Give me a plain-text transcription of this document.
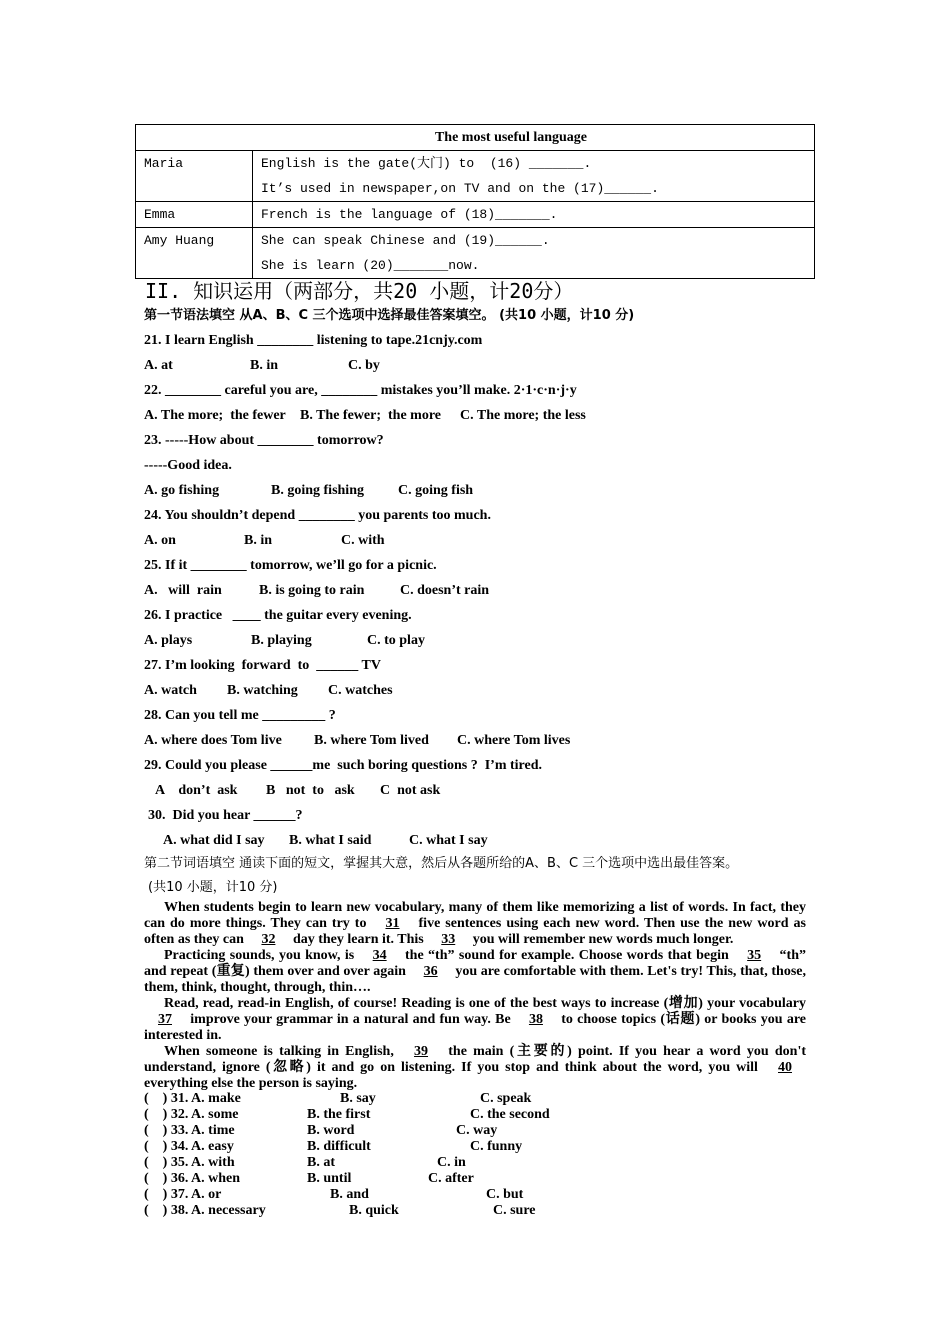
The most useful language	
Maria	English is the gate(大门) to  (16) _______.
It’s used in newspaper,on TV and on the (17)______.

Emma	French is the language of (18)_______.

Amy Huang	She can speak Chinese and (19)______.
She is learn (20)_______now.
II. 知识运用（两部分，共20 小题，计20分）
第一节语法填空 从A、B、C 三个选项中选择最佳答案填空。 (共10 小题，计10 分)
21. I learn English ________ listening to tape.21cnjy.com
A. at	B. in	C. by
22. ________ careful you are, ________ mistakes you’ll make. 2·1·c·n·j·y
A. The more;  the fewer B. The fewer;  the more C. The more; the less
23. -----How about ________ tomorrow?
-----Good idea.
A. go fishing	B. going fishing C. going fish
24. You shouldn’t depend ________ you parents too much.
A. on	B. in	C. with
25. If it ________ tomorrow, we’ll go for a picnic.
A.   will  rain	B. is going to rain	C. doesn’t rain
26. I practice   ____ the guitar every evening.
A. plays	B. playing	C. to play
27. I’m looking  forward  to  ______ TV
A. watch B. watching C. watches
28. Can you tell me _________ ?
A. where does Tom live B. where Tom lived C. where Tom lives
29. Could you please ______me  such boring questions ?  I’m tired.
A    don’t  ask B   not  to   ask C  not ask
30.  Did you hear ______?
A. what did I say B. what I said	C. what I say
第二节词语填空 通读下面的短文，掌握其大意，然后从各题所给的A、B、C 三个选项中选出最佳答案。
(共10 小题，计10 分)

When students begin to learn new vocabulary, many of them like memorizing a list of words. In fact, they can do more things. They can try to 31 five sentences using each new word. Then use the new word as often as they can 32 day they learn it. This 33 you will remember new words much longer.

Practicing sounds, you know, is 34 the “th” sound for example. Choose words that begin 35 “th” and repeat (重复) them over and over again 36 you are comfortable with them. Let's try! This, that, those, them, think, thought, through, thin….

Read, read, read-in English, of course! Reading is one of the best ways to increase (增加) your vocabulary 37 improve your grammar in a natural and fun way. Be 38 to choose topics (话题) or books you are interested in.

When someone is talking in English, 39 the main (主要的) point. If you hear a word you don't understand, ignore (忽略) it and go on listening. If you stop and think about the word, you will 40 everything else the person is saying.

(    ) 31. A. make	B. say	C. speak
(    ) 32. A. some	B. the first	C. the second
(    ) 33. A. time	B. word	C. way
(    ) 34. A. easy	B. difficult	C. funny
(    ) 35. A. with	B. at	C. in
(    ) 36. A. when	B. until	C. after
(    ) 37. A. or	B. and	C. but
(    ) 38. A. necessary	B. quick	C. sure
